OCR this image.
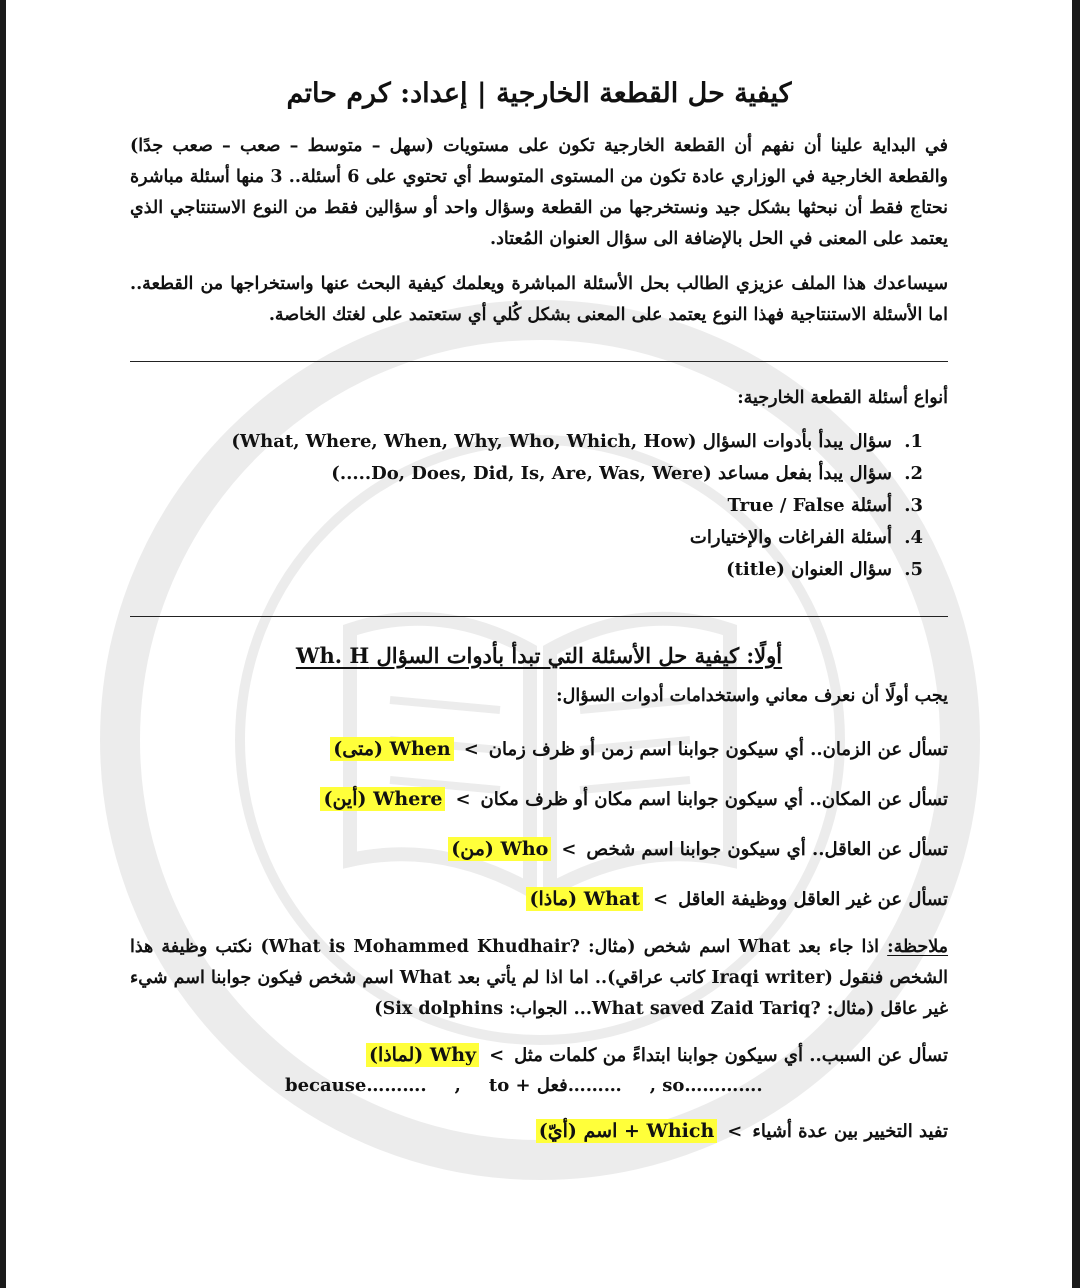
كيفية حل القطعة الخارجية | إعداد: كرم حاتم

في البداية علينا أن نفهم أن القطعة الخارجية تكون على مستويات (سهل – متوسط – صعب – صعب جدًا) والقطعة الخارجية في الوزاري عادة تكون من المستوى المتوسط أي تحتوي على 6 أسئلة.. 3 منها أسئلة مباشرة نحتاج فقط أن نبحثها بشكل جيد ونستخرجها من القطعة وسؤال واحد أو سؤالين فقط من النوع الاستنتاجي الذي يعتمد على المعنى في الحل بالإضافة الى سؤال العنوان المُعتاد.

سيساعدك هذا الملف عزيزي الطالب بحل الأسئلة المباشرة ويعلمك كيفية البحث عنها واستخراجها من القطعة.. اما الأسئلة الاستنتاجية فهذا النوع يعتمد على المعنى بشكل كُلي أي ستعتمد على لغتك الخاصة.

أنواع أسئلة القطعة الخارجية:
1. سؤال يبدأ بأدوات السؤال (What, Where, When, Why, Who, Which, How)
2. سؤال يبدأ بفعل مساعد (Do, Does, Did, Is, Are, Was, Were.....)
3. أسئلة True / False
4. أسئلة الفراغات والإختيارات
5. سؤال العنوان (title)
أولًا: كيفية حل الأسئلة التي تبدأ بأدوات السؤال Wh. H
يجب أولًا أن نعرف معاني واستخدامات أدوات السؤال:
تسأل عن الزمان.. أي سيكون جوابنا اسم زمن أو ظرف زمان
>
When (متى)
تسأل عن المكان.. أي سيكون جوابنا اسم مكان أو ظرف مكان
>
Where (أين)
تسأل عن العاقل.. أي سيكون جوابنا اسم شخص
>
Who (من)
تسأل عن غير العاقل ووظيفة العاقل
>
What (ماذا)

ملاحظة: اذا جاء بعد What اسم شخص (مثال: ?What is Mohammed Khudhair) نكتب وظيفة هذا الشخص فنقول (Iraqi writer كاتب عراقي).. اما اذا لم يأتي بعد What اسم شخص فيكون جوابنا اسم شيء غير عاقل (مثال: ?What saved Zaid Tariq... الجواب: Six dolphins)

تسأل عن السبب.. أي سيكون جوابنا ابتداءً من كلمات مثل
>
Why (لماذا)
because………. , to + فعل……… , so………….
تفيد التخيير بين عدة أشياء
>
Which + اسم (أيّ)
